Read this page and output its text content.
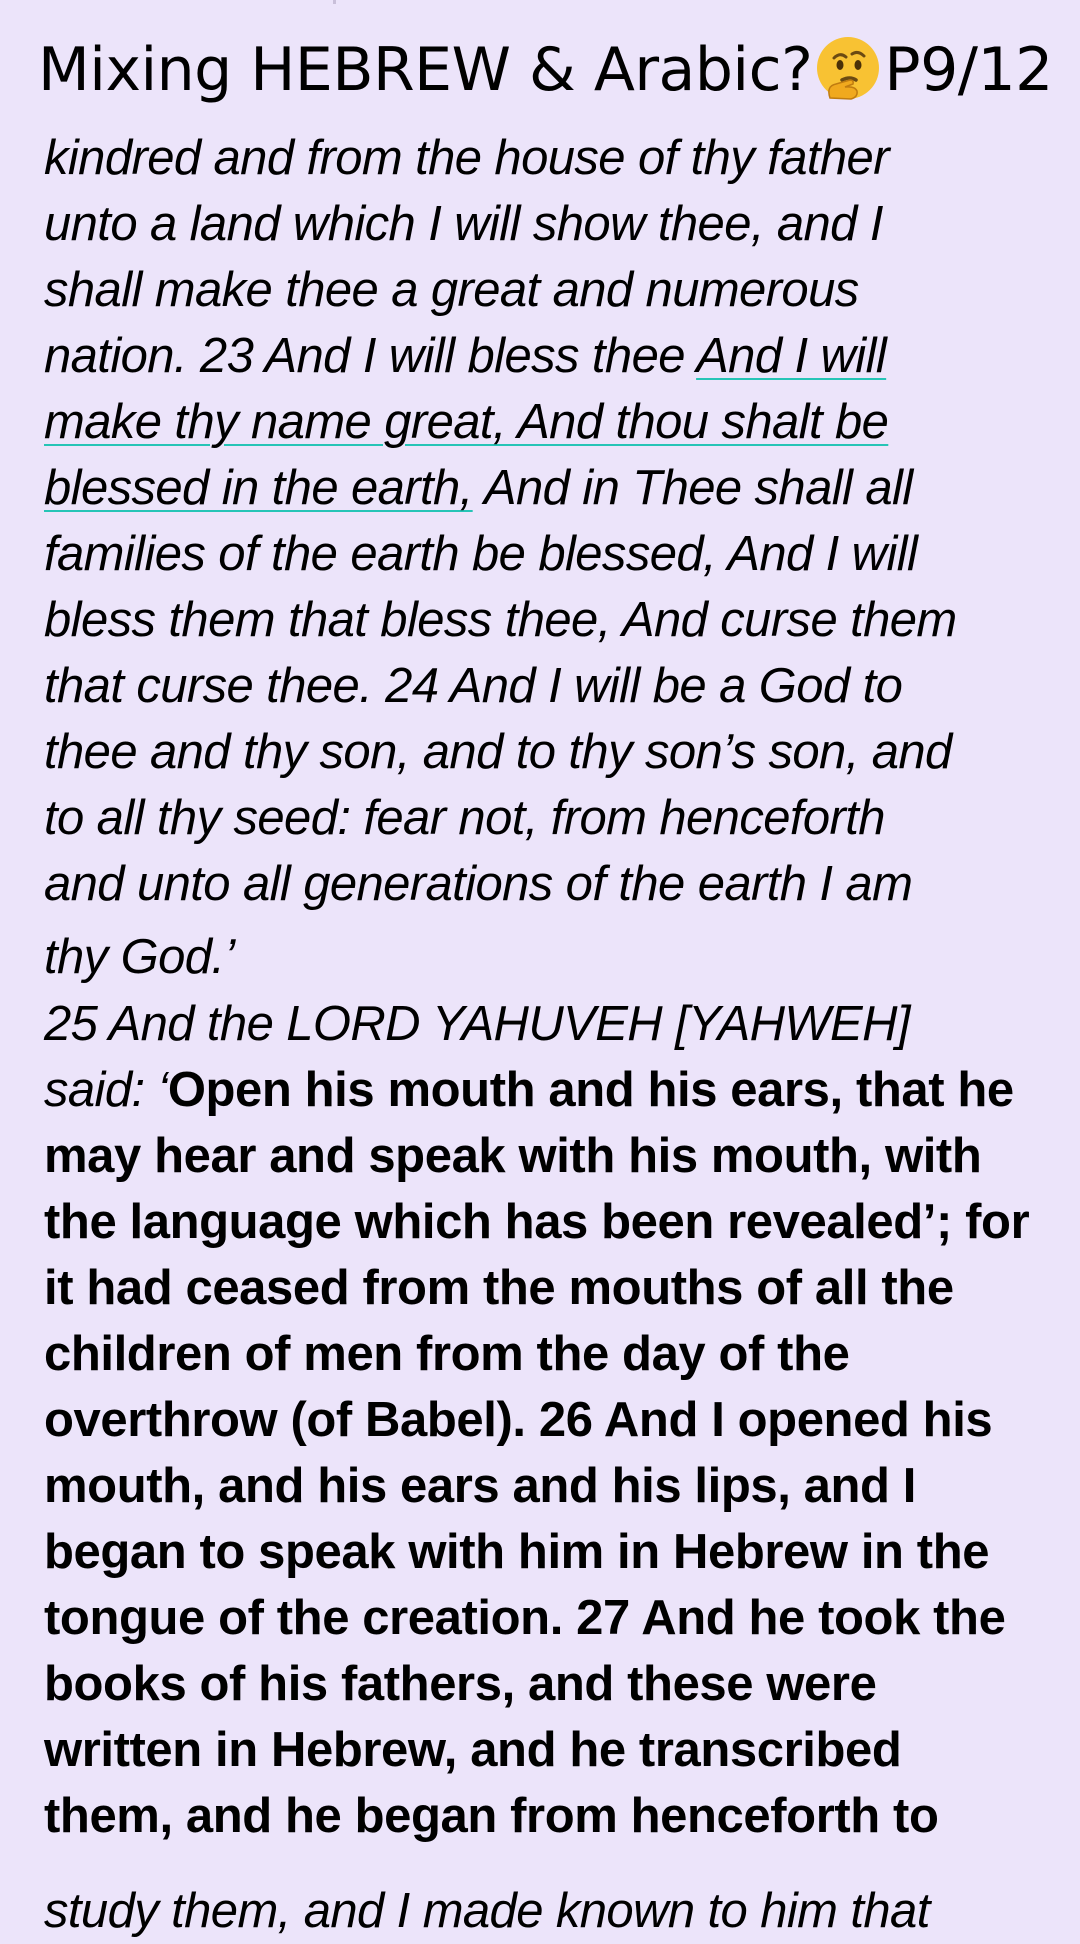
Mixing HEBREW & Arabic? P9/12
kindred and from the house of thy father
unto a land which I will show thee, and I
shall make thee a great and numerous
nation. 23 And I will bless thee And I will
make thy name great, And thou shalt be
blessed in the earth, And in Thee shall all
families of the earth be blessed, And I will
bless them that bless thee, And curse them
that curse thee. 24 And I will be a God to
thee and thy son, and to thy son’s son, and
to all thy seed: fear not, from henceforth
and unto all generations of the earth I am
thy God.’
25 And the LORD YAHUVEH [YAHWEH]
said: ‘Open his mouth and his ears, that he
may hear and speak with his mouth, with
the language which has been revealed’; for
it had ceased from the mouths of all the
children of men from the day of the
overthrow (of Babel). 26 And I opened his
mouth, and his ears and his lips, and I
began to speak with him in Hebrew in the
tongue of the creation. 27 And he took the
books of his fathers, and these were
written in Hebrew, and he transcribed
them, and he began from henceforth to
study them, and I made known to him that
